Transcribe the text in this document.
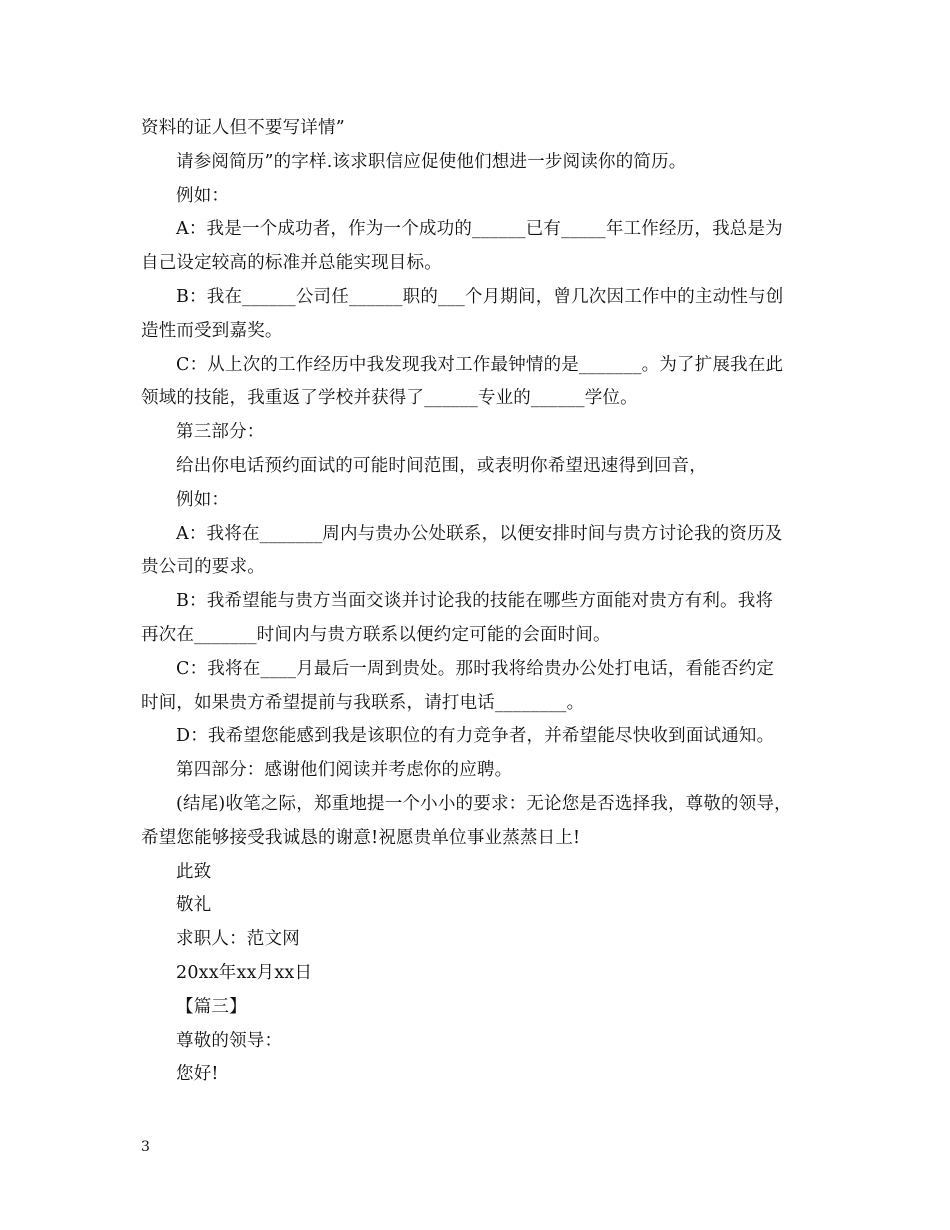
资料的证人但不要写详情”
请参阅简历”的字样.该求职信应促使他们想进一步阅读你的简历。
例如：
A：我是一个成功者，作为一个成功的______已有_____年工作经历，我总是为
自己设定较高的标准并总能实现目标。
B：我在______公司任______职的___个月期间，曾几次因工作中的主动性与创
造性而受到嘉奖。
C：从上次的工作经历中我发现我对工作最钟情的是_______。为了扩展我在此
领域的技能，我重返了学校并获得了______专业的______学位。
第三部分：
给出你电话预约面试的可能时间范围，或表明你希望迅速得到回音，
例如：
A：我将在_______周内与贵办公处联系，以便安排时间与贵方讨论我的资历及
贵公司的要求。
B：我希望能与贵方当面交谈并讨论我的技能在哪些方面能对贵方有利。我将
再次在_______时间内与贵方联系以便约定可能的会面时间。
C：我将在____月最后一周到贵处。那时我将给贵办公处打电话，看能否约定
时间，如果贵方希望提前与我联系，请打电话________。
D：我希望您能感到我是该职位的有力竞争者，并希望能尽快收到面试通知。
第四部分：感谢他们阅读并考虑你的应聘。
(结尾)收笔之际，郑重地提一个小小的要求：无论您是否选择我，尊敬的领导，
希望您能够接受我诚恳的谢意!祝愿贵单位事业蒸蒸日上!
此致
敬礼
求职人：范文网
20xx年xx月xx日
【篇三】
尊敬的领导：
您好!
3
